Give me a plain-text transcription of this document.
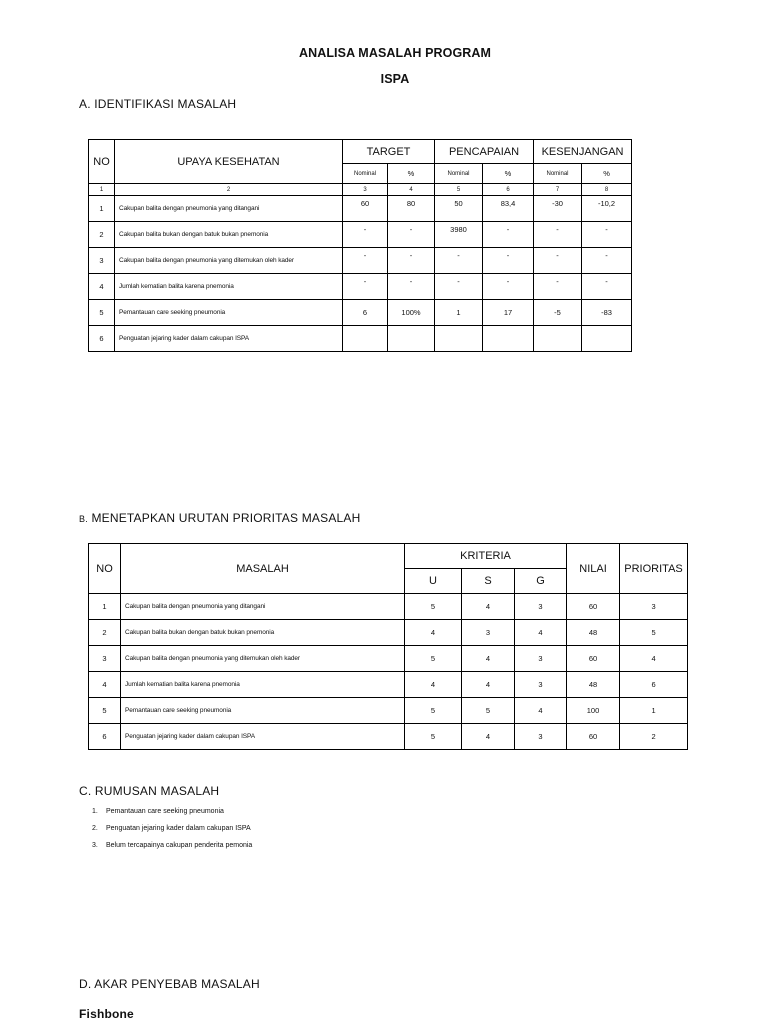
ANALISA MASALAH PROGRAM
ISPA
A. IDENTIFIKASI MASALAH
NO	UPAYA KESEHATAN	TARGET		PENCAPAIAN		KESENJANGAN	
		Nominal	%	Nominal	%	Nominal	%
1	2	3	4	5	6	7	8
1	Cakupan balita dengan pneumonia yang ditangani	60	80	50	83,4	-30	-10,2
2	Cakupan balita bukan dengan batuk bukan pnemonia	-	-	3980	-	-	-
3	Cakupan balita dengan pneumonia yang ditemukan oleh kader	-	-	-	-	-	-
4	Jumlah kematian balita karena pnemonia	-	-	-	-	-	-
5	Pemantauan care seeking pneumonia	6	100%	1	17	-5	-83
6	Penguatan jejaring kader dalam cakupan ISPA						
B. MENETAPKAN URUTAN PRIORITAS MASALAH
NO	MASALAH	KRITERIA			NILAI	PRIORITAS
		U	S	G		
1	Cakupan balita dengan pneumonia yang ditangani	5	4	3	60	3
2	Cakupan balita bukan dengan batuk bukan pnemonia	4	3	4	48	5
3	Cakupan balita dengan pneumonia yang ditemukan oleh kader	5	4	3	60	4
4	Jumlah kematian balita karena pnemonia	4	4	3	48	6
5	Pemantauan care seeking pneumonia	5	5	4	100	1
6	Penguatan jejaring kader dalam cakupan ISPA	5	4	3	60	2
C. RUMUSAN MASALAH
1. Pemantauan care seeking pneumonia
2. Penguatan jejaring kader dalam cakupan ISPA
3. Belum tercapainya cakupan penderita pemonia
D. AKAR PENYEBAB MASALAH
Fishbone
